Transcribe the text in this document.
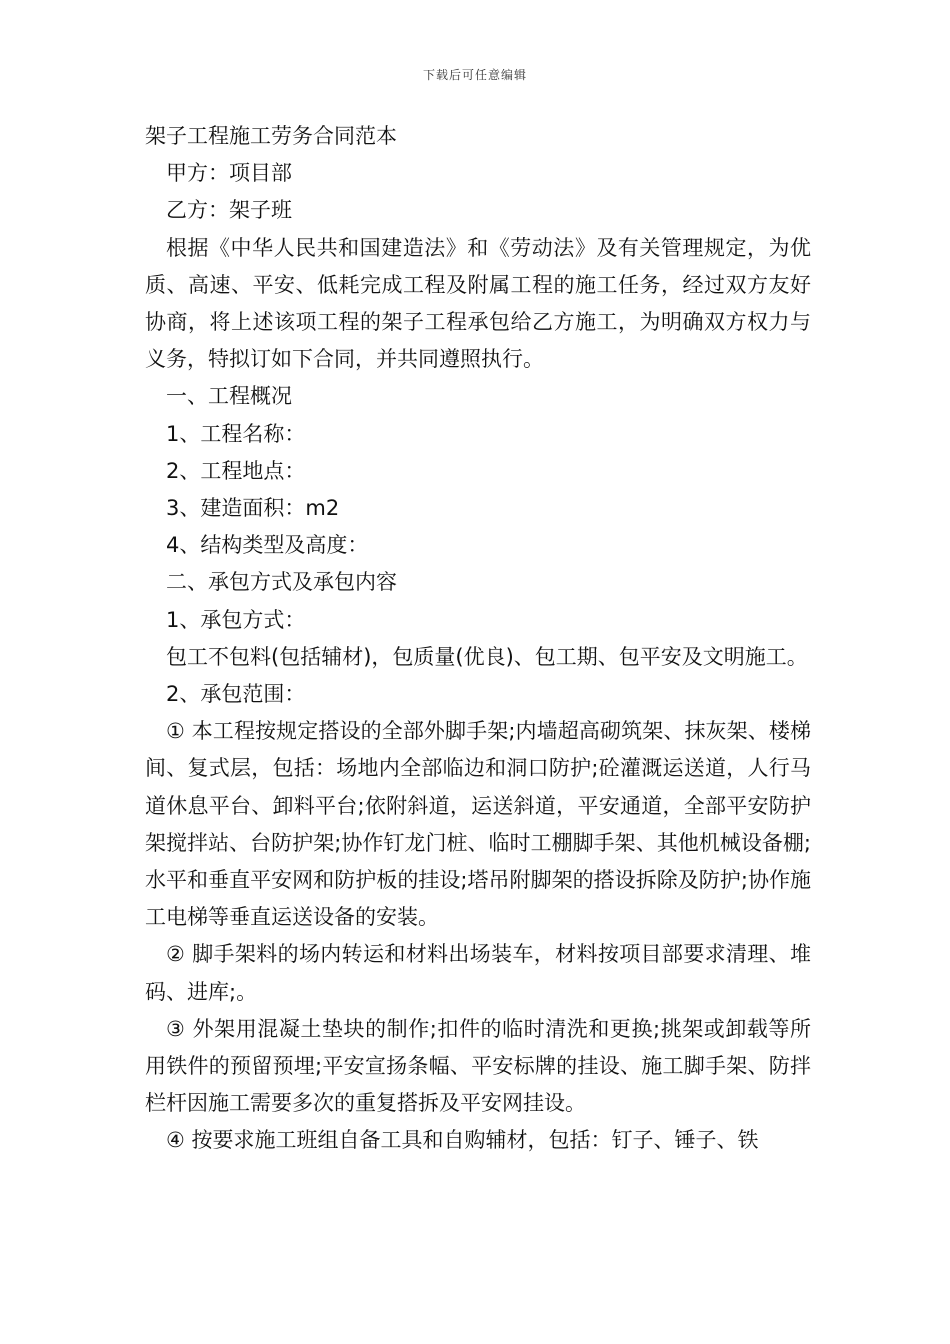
下载后可任意编辑

架子工程施工劳务合同范本

甲方：项目部

乙方：架子班

根据《中华人民共和国建造法》和《劳动法》及有关管理规定，为优质、高速、平安、低耗完成工程及附属工程的施工任务，经过双方友好协商，将上述该项工程的架子工程承包给乙方施工，为明确双方权力与义务，特拟订如下合同，并共同遵照执行。

一、工程概况

1、工程名称：

2、工程地点：

3、建造面积：m2

4、结构类型及高度：

二、承包方式及承包内容

1、承包方式：

包工不包料(包括辅材)，包质量(优良)、包工期、包平安及文明施工。

2、承包范围：

① 本工程按规定搭设的全部外脚手架;内墙超高砌筑架、抹灰架、楼梯间、复式层，包括：场地内全部临边和洞口防护;砼灌溉运送道，人行马道休息平台、卸料平台;依附斜道，运送斜道，平安通道，全部平安防护架搅拌站、台防护架;协作钉龙门桩、临时工棚脚手架、其他机械设备棚;水平和垂直平安网和防护板的挂设;塔吊附脚架的搭设拆除及防护;协作施工电梯等垂直运送设备的安装。

② 脚手架料的场内转运和材料出场装车，材料按项目部要求清理、堆码、进库;。

③ 外架用混凝土垫块的制作;扣件的临时清洗和更换;挑架或卸载等所用铁件的预留预埋;平安宣扬条幅、平安标牌的挂设、施工脚手架、防拌栏杆因施工需要多次的重复搭拆及平安网挂设。

④ 按要求施工班组自备工具和自购辅材，包括：钉子、锤子、铁
